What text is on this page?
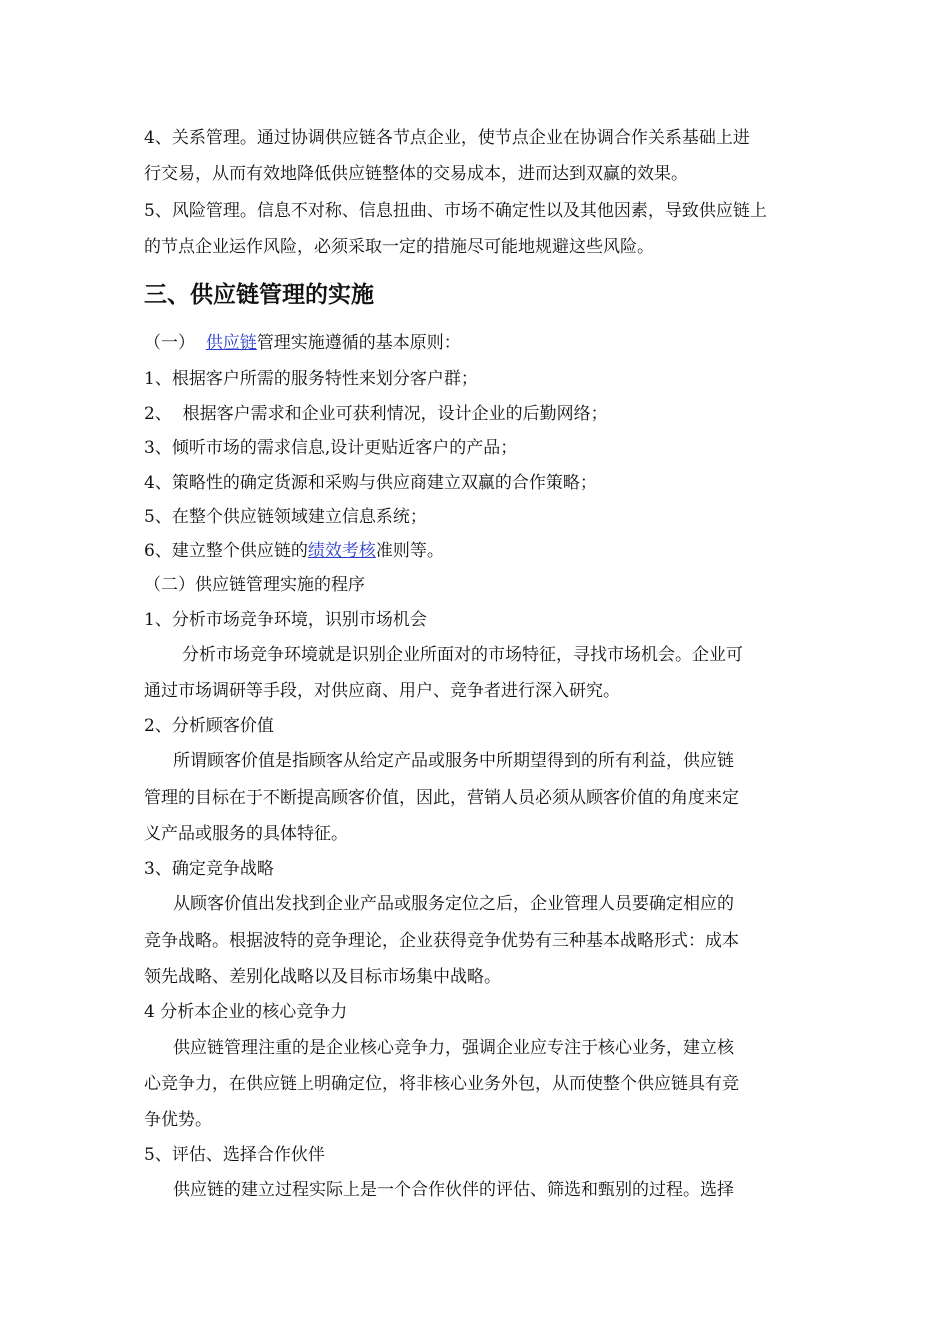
4、关系管理。通过协调供应链各节点企业，使节点企业在协调合作关系基础上进
行交易，从而有效地降低供应链整体的交易成本，进而达到双赢的效果。
5、风险管理。信息不对称、信息扭曲、市场不确定性以及其他因素，导致供应链上
的节点企业运作风险，必须采取一定的措施尽可能地规避这些风险。
三、供应链管理的实施
（一）  供应链管理实施遵循的基本原则：
1、根据客户所需的服务特性来划分客户群；
2、  根据客户需求和企业可获利情况，设计企业的后勤网络；
3、倾听市场的需求信息,设计更贴近客户的产品；
4、策略性的确定货源和采购与供应商建立双赢的合作策略；
5、在整个供应链领域建立信息系统；
6、建立整个供应链的绩效考核准则等。
（二）供应链管理实施的程序
1、分析市场竞争环境，识别市场机会
分析市场竞争环境就是识别企业所面对的市场特征，寻找市场机会。企业可
通过市场调研等手段，对供应商、用户、竞争者进行深入研究。
2、分析顾客价值
所谓顾客价值是指顾客从给定产品或服务中所期望得到的所有利益，供应链
管理的目标在于不断提高顾客价值，因此，营销人员必须从顾客价值的角度来定
义产品或服务的具体特征。
3、确定竞争战略
从顾客价值出发找到企业产品或服务定位之后，企业管理人员要确定相应的
竞争战略。根据波特的竞争理论，企业获得竞争优势有三种基本战略形式：成本
领先战略、差别化战略以及目标市场集中战略。
4 分析本企业的核心竞争力
供应链管理注重的是企业核心竞争力，强调企业应专注于核心业务，建立核
心竞争力，在供应链上明确定位，将非核心业务外包，从而使整个供应链具有竞
争优势。
5、评估、选择合作伙伴
供应链的建立过程实际上是一个合作伙伴的评估、筛选和甄别的过程。选择
